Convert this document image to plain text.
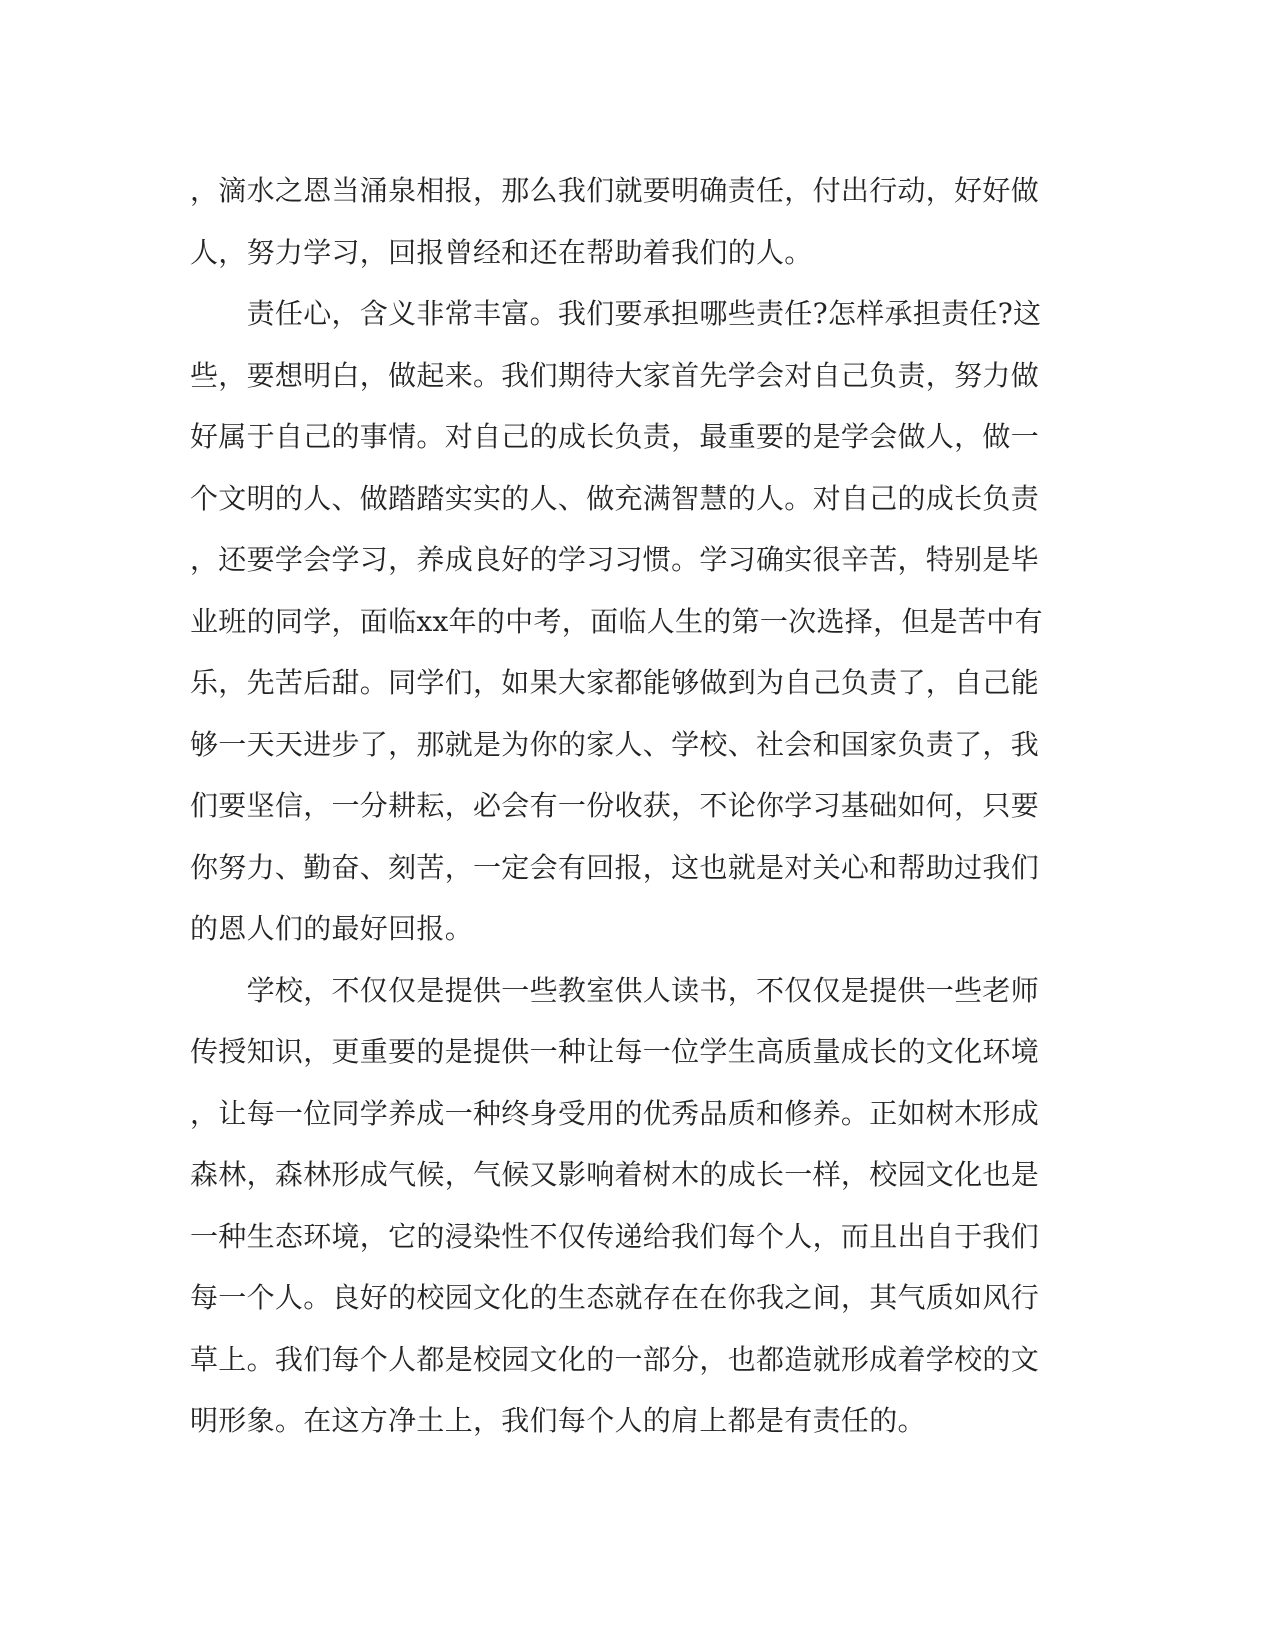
，滴水之恩当涌泉相报，那么我们就要明确责任，付出行动，好好做
人，努力学习，回报曾经和还在帮助着我们的人。
　　责任心，含义非常丰富。我们要承担哪些责任?怎样承担责任?这
些，要想明白，做起来。我们期待大家首先学会对自己负责，努力做
好属于自己的事情。对自己的成长负责，最重要的是学会做人，做一
个文明的人、做踏踏实实的人、做充满智慧的人。对自己的成长负责
，还要学会学习，养成良好的学习习惯。学习确实很辛苦，特别是毕
业班的同学，面临xx年的中考，面临人生的第一次选择，但是苦中有
乐，先苦后甜。同学们，如果大家都能够做到为自己负责了，自己能
够一天天进步了，那就是为你的家人、学校、社会和国家负责了，我
们要坚信，一分耕耘，必会有一份收获，不论你学习基础如何，只要
你努力、勤奋、刻苦，一定会有回报，这也就是对关心和帮助过我们
的恩人们的最好回报。
　　学校，不仅仅是提供一些教室供人读书，不仅仅是提供一些老师
传授知识，更重要的是提供一种让每一位学生高质量成长的文化环境
，让每一位同学养成一种终身受用的优秀品质和修养。正如树木形成
森林，森林形成气候，气候又影响着树木的成长一样，校园文化也是
一种生态环境，它的浸染性不仅传递给我们每个人，而且出自于我们
每一个人。良好的校园文化的生态就存在在你我之间，其气质如风行
草上。我们每个人都是校园文化的一部分，也都造就形成着学校的文
明形象。在这方净土上，我们每个人的肩上都是有责任的。
